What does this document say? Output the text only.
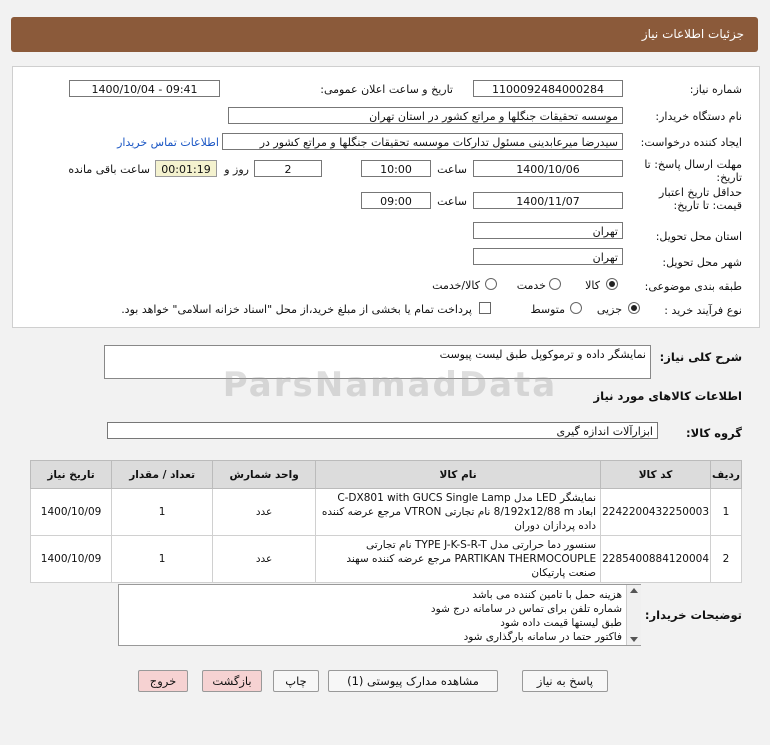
جزئیات اطلاعات نیاز
شماره نیاز:
1100092484000284
تاریخ و ساعت اعلان عمومی:
1400/10/04 - 09:41
نام دستگاه خریدار:
موسسه تحقیقات جنگلها و مراتع کشور در استان تهران
ایجاد کننده درخواست:
سیدرضا میرعابدینی مسئول تدارکات موسسه تحقیقات جنگلها و مراتع کشور در
اطلاعات تماس خریدار
مهلت ارسال پاسخ: تا تاریخ:
1400/10/06
ساعت
10:00
2
روز و
00:01:19
ساعت باقی مانده
حداقل تاریخ اعتبار قیمت: تا تاریخ:
1400/11/07
ساعت
09:00
استان محل تحویل:
تهران
شهر محل تحویل:
تهران
طبقه بندی موضوعی:
کالا
خدمت
کالا/خدمت
نوع فرآیند خرید :
جزیی
متوسط
پرداخت تمام یا بخشی از مبلغ خرید،از محل "اسناد خزانه اسلامی" خواهد بود.
شرح کلی نیاز:
نمایشگر داده و ترموکوپل طبق لیست پیوست
ParsNamadData	اطلاعات کالاهای مورد نیاز
گروه کالا:
ابزارآلات اندازه گیری
ردیف	کد کالا	نام کالا	واحد شمارش	تعداد / مقدار	تاریخ نیاز
1	2242200432250003	نمایشگر LED مدل C-DX801 with GUCS Single Lamp ابعاد 8/192x12/88 m نام تجارتی VTRON مرجع عرضه کننده داده پردازان دوران	عدد	1	1400/10/09
2	2285400884120004	سنسور دما حرارتی مدل TYPE J-K-S-R-T نام تجارتی PARTIKAN THERMOCOUPLE مرجع عرضه کننده سهند صنعت پارتیکان	عدد	1	1400/10/09
توضیحات خریدار:
هزینه حمل با تامین کننده می باشد
شماره تلفن برای تماس در سامانه درج شود
طبق لیستها قیمت داده شود
فاکتور حتما در سامانه بارگذاری شود
پاسخ به نیاز
مشاهده مدارک پیوستی (1)
چاپ
بازگشت
خروج
